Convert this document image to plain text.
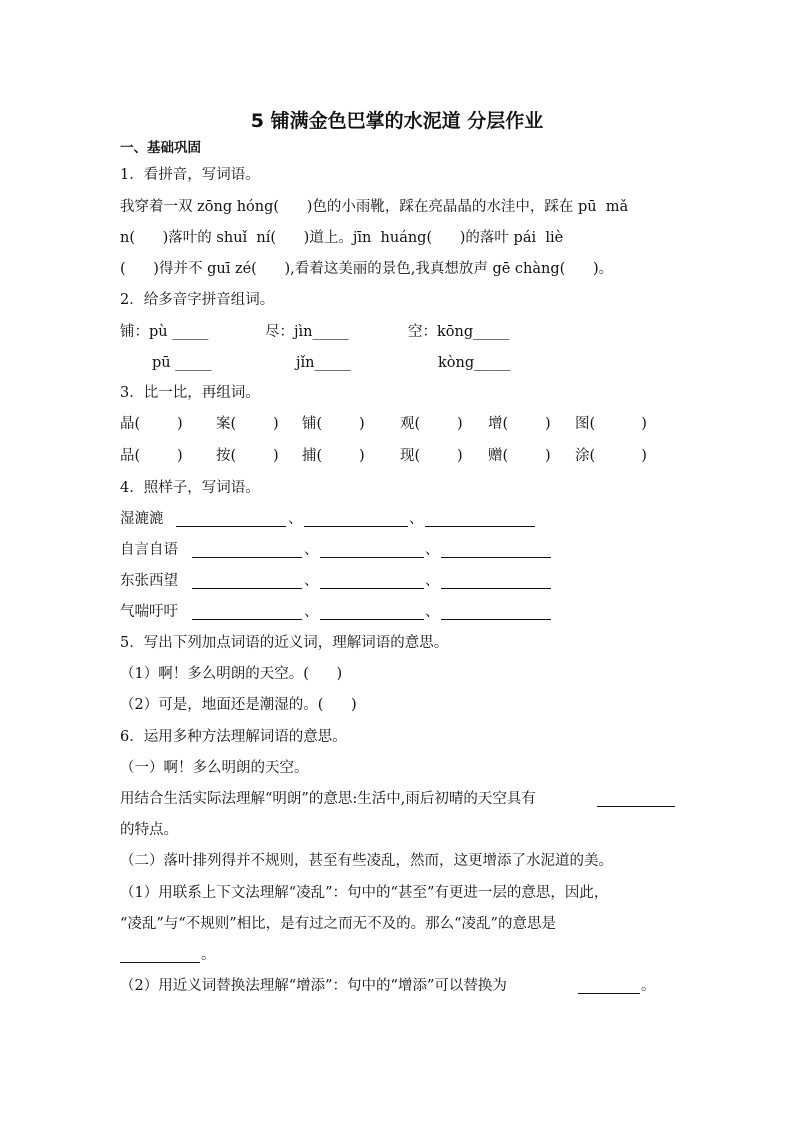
5 铺满金色巴掌的水泥道 分层作业
一、基础巩固
1．看拼音，写词语。
我穿着一双 zōng hóng(      )色的小雨靴，踩在亮晶晶的水洼中，踩在 pū  mǎ
n(      )落叶的 shuǐ  ní(      )道上。jīn  huáng(      )的落叶 pái  liè
(      )得并不 guī zé(      ),看着这美丽的景色,我真想放声 gē chàng(      )。
2．给多音字拼音组词。
铺：pù _____	尽：jìn_____	空：kōng_____
pū _____	jǐn_____	kòng_____
3．比一比，再组词。
晶(        ) 案(        ) 铺(        ) 观(        ) 增(        ) 图(          )
品(        ) 按(        ) 捕(        ) 现(        ) 赠(        ) 涂(          )
4．照样子，写词语。
湿漉漉	、	、
自言自语	、	、
东张西望	、	、
气喘吁吁	、	、
5．写出下列加点词语的近义词，理解词语的意思。
（1）啊！多么明朗的天空。(      )
（2）可是，地面还是潮湿的。(      )
6．运用多种方法理解词语的意思。
（一）啊！多么明朗的天空。
用结合生活实际法理解“明朗”的意思:生活中,雨后初晴的天空具有
的特点。
（二）落叶排列得并不规则，甚至有些凌乱，然而，这更增添了水泥道的美。
（1）用联系上下文法理解“凌乱”：句中的“甚至”有更进一层的意思，因此，
“凌乱”与“不规则”相比，是有过之而无不及的。那么“凌乱”的意思是
。
（2）用近义词替换法理解“增添”：句中的“增添”可以替换为	。
